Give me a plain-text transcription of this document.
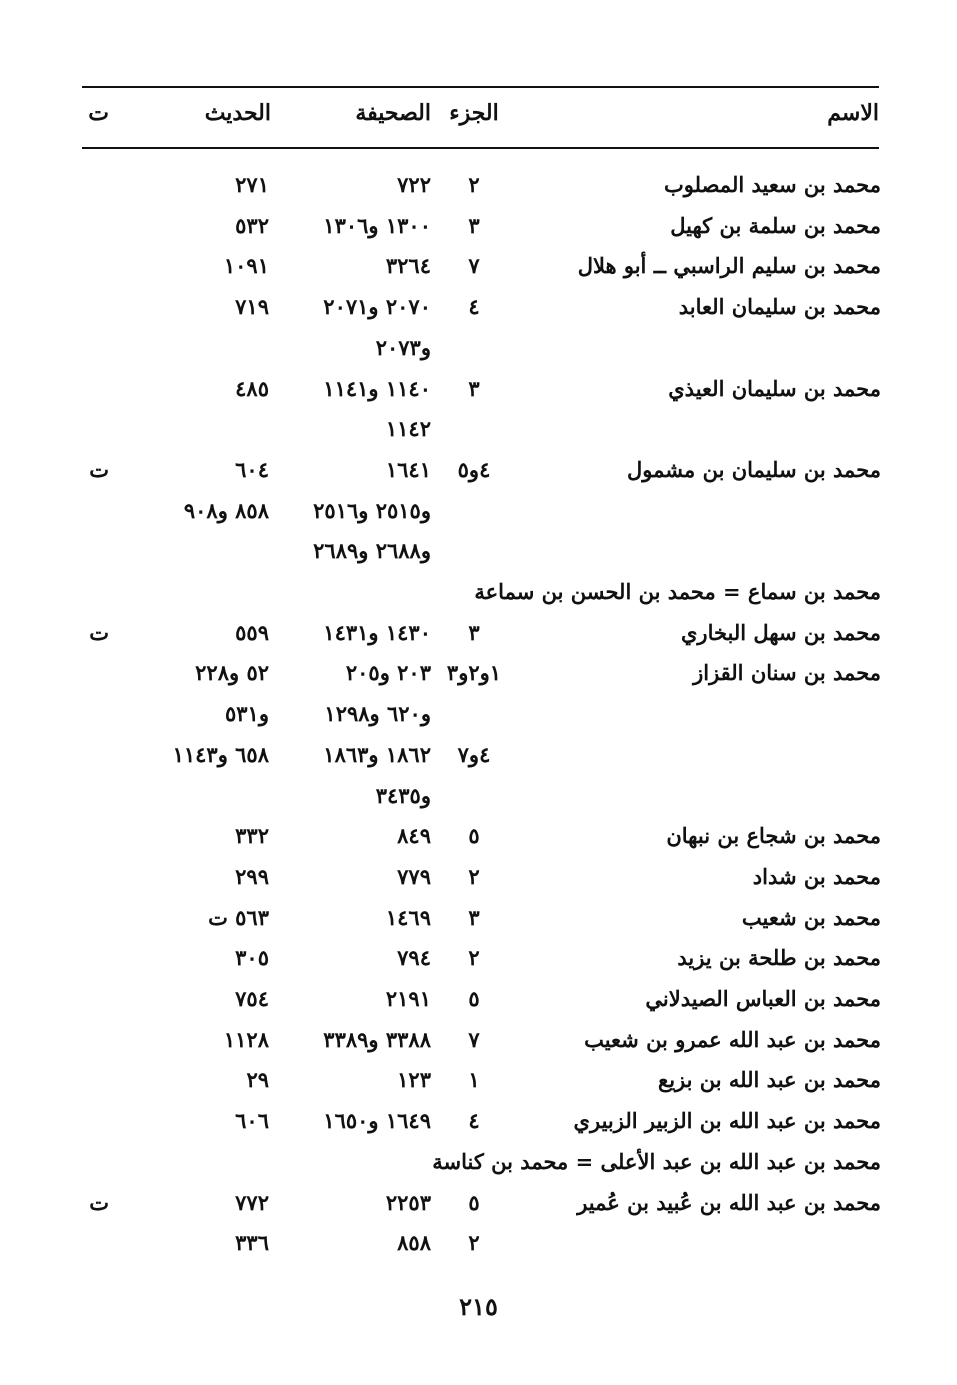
الاسم
الجزء
الصحيفة
الحديث
ت
محمد بن سعيد المصلوب
٢
٧٢٢
٢٧١
محمد بن سلمة بن كهيل
٣
١٣٠٠ و١٣٠٦
٥٣٢
محمد بن سليم الراسبي ــ أبو هلال
٧
٣٢٦٤
١٠٩١
محمد بن سليمان العابد
٤
٢٠٧٠ و٢٠٧١
٧١٩
و٢٠٧٣
محمد بن سليمان العيذي
٣
١١٤٠ و١١٤١
٤٨٥
١١٤٢
محمد بن سليمان بن مشمول
٤و٥
١٦٤١
٦٠٤
ت
و٢٥١٥ و٢٥١٦
٨٥٨ و٩٠٨
و٢٦٨٨ و٢٦٨٩
محمد بن سماع = محمد بن الحسن بن سماعة
محمد بن سهل البخاري
٣
١٤٣٠ و١٤٣١
٥٥٩
ت
محمد بن سنان القزاز
١و٢و٣
٢٠٣ و٢٠٥
٥٢ و٢٢٨
و٦٢٠ و١٢٩٨
و٥٣١
٤و٧
١٨٦٢ و١٨٦٣
٦٥٨ و١١٤٣
و٣٤٣٥
محمد بن شجاع بن نبهان
٥
٨٤٩
٣٣٢
محمد بن شداد
٢
٧٧٩
٢٩٩
محمد بن شعيب
٣
١٤٦٩
٥٦٣ ت
محمد بن طلحة بن يزيد
٢
٧٩٤
٣٠٥
محمد بن العباس الصيدلاني
٥
٢١٩١
٧٥٤
محمد بن عبد الله عمرو بن شعيب
٧
٣٣٨٨ و٣٣٨٩
١١٢٨
محمد بن عبد الله بن بزيع
١
١٢٣
٢٩
محمد بن عبد الله بن الزبير الزبيري
٤
١٦٤٩ و١٦٥٠
٦٠٦
محمد بن عبد الله بن عبد الأعلى = محمد بن كناسة
محمد بن عبد الله بن عُبيد بن عُمير
٥
٢٢٥٣
٧٧٢
ت
٢
٨٥٨
٣٣٦
٢١٥
